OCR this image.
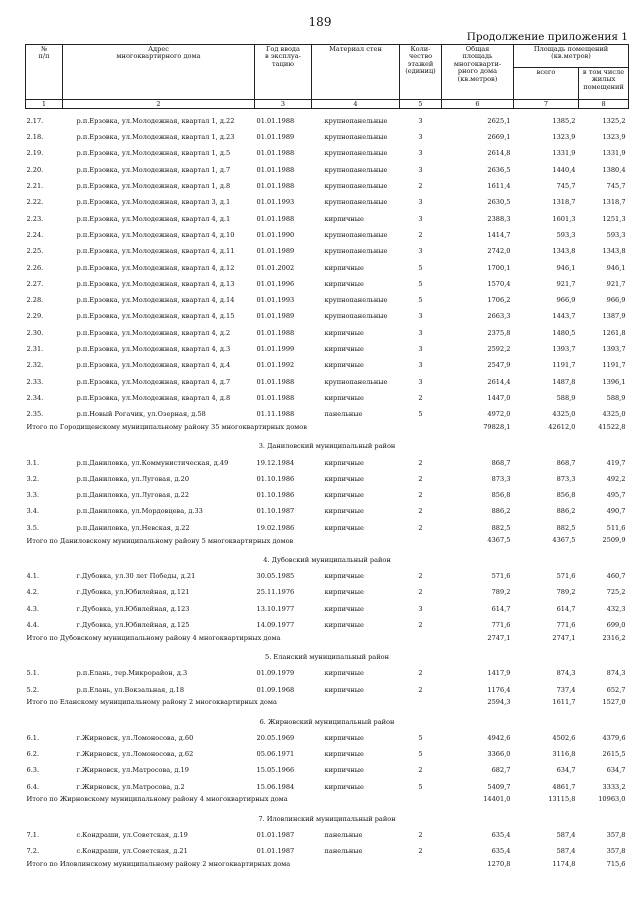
189
Продолжение приложения 1
№
п/п	Адрес
многоквартирного дома	Год ввода
в эксплуа-
тацию	Материал стен	Коли-
чество
этажей
(единиц)	Общая
площадь
многокварти-
рного дома
(кв.метров)	Площадь помещений
(кв.метров)	
						всего	в том числе
жилых
помещений
1	2	3	4	5	6	7	8
2.17.	р.п.Ерзовка, ул.Молодежная, квартал 1, д.22	01.01.1988	крупнопанельные	3	2625,1	1385,2	1325,2
2.18.	р.п.Ерзовка, ул.Молодежная, квартал 1, д.23	01.01.1989	крупнопанельные	3	2669,1	1323,9	1323,9
2.19.	р.п.Ерзовка, ул.Молодежная, квартал 1, д.5	01.01.1988	крупнопанельные	3	2614,8	1331,9	1331,9
2.20.	р.п.Ерзовка, ул.Молодежная, квартал 1, д.7	01.01.1988	крупнопанельные	3	2636,5	1440,4	1380,4
2.21.	р.п.Ерзовка, ул.Молодежная, квартал 1, д.8	01.01.1988	крупнопанельные	2	1611,4	745,7	745,7
2.22.	р.п.Ерзовка, ул.Молодежная, квартал 3, д.1	01.01.1993	крупнопанельные	3	2630,5	1318,7	1318,7
2.23.	р.п.Ерзовка, ул.Молодежная, квартал 4, д.1	01.01.1988	кирпичные	3	2388,3	1601,3	1251,3
2.24.	р.п.Ерзовка, ул.Молодежная, квартал 4, д.10	01.01.1990	крупнопанельные	2	1414,7	593,3	593,3
2.25.	р.п.Ерзовка, ул.Молодежная, квартал 4, д.11	01.01.1989	крупнопанельные	3	2742,0	1343,8	1343,8
2.26.	р.п.Ерзовка, ул.Молодежная, квартал 4, д.12	01.01.2002	кирпичные	5	1700,1	946,1	946,1
2.27.	р.п.Ерзовка, ул.Молодежная, квартал 4, д.13	01.01.1996	кирпичные	5	1570,4	921,7	921,7
2.28.	р.п.Ерзовка, ул.Молодежная, квартал 4, д.14	01.01.1993	крупнопанельные	5	1706,2	966,9	966,9
2.29.	р.п.Ерзовка, ул.Молодежная, квартал 4, д.15	01.01.1989	крупнопанельные	3	2663,3	1443,7	1387,9
2.30.	р.п.Ерзовка, ул.Молодежная, квартал 4, д.2	01.01.1988	кирпичные	3	2375,8	1480,5	1261,8
2.31.	р.п.Ерзовка, ул.Молодежная, квартал 4, д.3	01.01.1999	кирпичные	3	2592,2	1393,7	1393,7
2.32.	р.п.Ерзовка, ул.Молодежная, квартал 4, д.4	01.01.1992	кирпичные	3	2547,9	1191,7	1191,7
2.33.	р.п.Ерзовка, ул.Молодежная, квартал 4, д.7	01.01.1988	крупнопанельные	3	2614,4	1487,8	1396,1
2.34.	р.п.Ерзовка, ул.Молодежная, квартал 4, д.8	01.01.1988	кирпичные	2	1447,0	588,9	588,9
2.35.	р.п.Новый Рогачик, ул.Озерная, д.58	01.11.1988	панельные	5	4972,0	4325,0	4325,0
Итого по Городищенскому муниципальному району 35 многоквартирных домов					79828,1	42612,0	41522,8
3. Даниловский муниципальный район							
3.1.	р.п.Даниловка, ул.Коммунистическая, д.49	19.12.1984	кирпичные	2	868,7	868,7	419,7
3.2.	р.п.Даниловка, ул.Луговая, д.20	01.10.1986	кирпичные	2	873,3	873,3	492,2
3.3.	р.п.Даниловка, ул.Луговая, д.22	01.10.1986	кирпичные	2	856,8	856,8	495,7
3.4.	р.п.Даниловка, ул.Мордовцева, д.33	01.10.1987	кирпичные	2	886,2	886,2	490,7
3.5.	р.п.Даниловка, ул.Невская, д.22	19.02.1986	кирпичные	2	882,5	882,5	511,6
Итого по Даниловскому муниципальному району 5 многоквартирных домов					4367,5	4367,5	2509,9
4. Дубовский муниципальный район							
4.1.	г.Дубовка, ул.30 лет Победы, д.21	30.05.1985	кирпичные	2	571,6	571,6	460,7
4.2.	г.Дубовка, ул.Юбилейная, д.121	25.11.1976	кирпичные	2	789,2	789,2	725,2
4.3.	г.Дубовка, ул.Юбилейная, д.123	13.10.1977	кирпичные	3	614,7	614,7	432,3
4.4.	г.Дубовка, ул.Юбилейная, д.125	14.09.1977	кирпичные	2	771,6	771,6	699,0
Итого по Дубовскому муниципальному району 4 многоквартирных дома					2747,1	2747,1	2316,2
5. Еланский муниципальный район							
5.1.	р.п.Елань, тер.Микрорайон, д.3	01.09.1979	кирпичные	2	1417,9	874,3	874,3
5.2.	р.п.Елань, ул.Вокзальная, д.18	01.09.1968	кирпичные	2	1176,4	737,4	652,7
Итого по Еланскому муниципальному району 2 многоквартирных дома					2594,3	1611,7	1527,0
6. Жирновский муниципальный район							
6.1.	г.Жирновск, ул.Ломоносова, д.60	20.05.1969	кирпичные	5	4942,6	4502,6	4379,6
6.2.	г.Жирновск, ул.Ломоносова, д.62	05.06.1971	кирпичные	5	3366,0	3116,8	2615,5
6.3.	г.Жирновск, ул.Матросова, д.19	15.05.1966	кирпичные	2	682,7	634,7	634,7
6.4.	г.Жирновск, ул.Матросова, д.2	15.06.1984	кирпичные	5	5409,7	4861,7	3333,2
Итого по Жирновскому муниципальному району 4 многоквартирных дома					14401,0	13115,8	10963,0
7. Иловлинский муниципальный район							
7.1.	с.Кондраши, ул.Советская, д.19	01.01.1987	панельные	2	635,4	587,4	357,8
7.2.	с.Кондраши, ул.Советская, д.21	01.01.1987	панельные	2	635,4	587,4	357,8
Итого по Иловлинскому муниципальному району 2 многоквартирных дома					1270,8	1174,8	715,6
